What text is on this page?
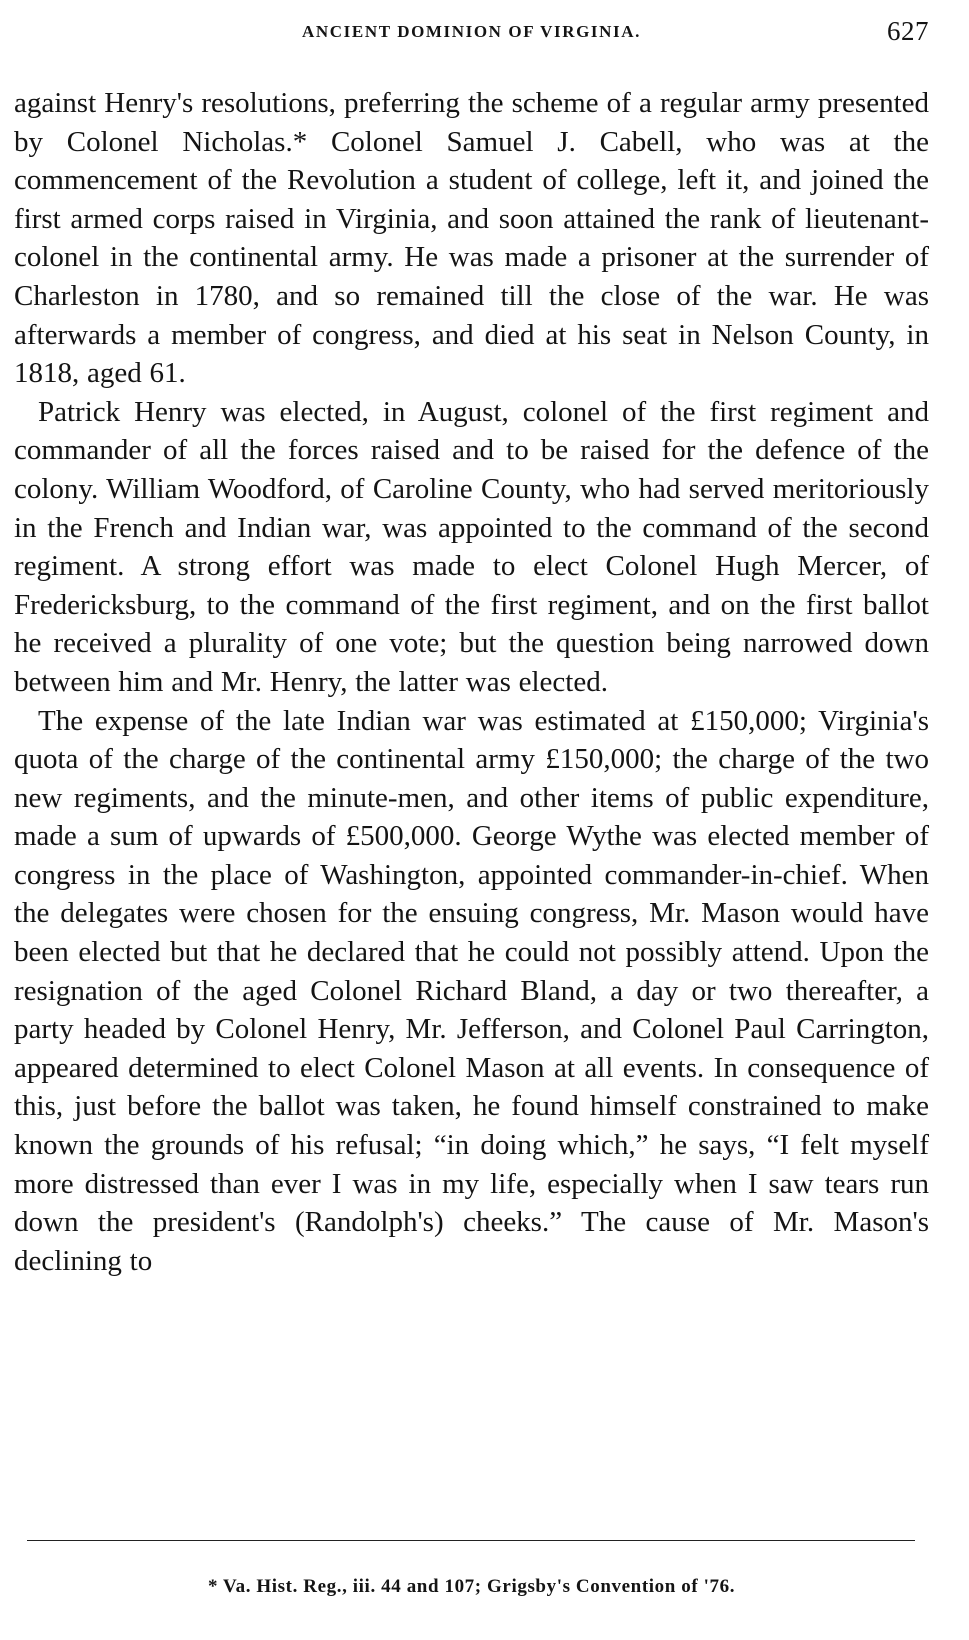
ANCIENT DOMINION OF VIRGINIA.	627

against Henry's resolutions, preferring the scheme of a regular army presented by Colonel Nicholas.* Colonel Samuel J. Cabell, who was at the commencement of the Revolution a student of college, left it, and joined the first armed corps raised in Virginia, and soon attained the rank of lieutenant-colonel in the continental army. He was made a prisoner at the surrender of Charleston in 1780, and so remained till the close of the war. He was afterwards a member of congress, and died at his seat in Nelson County, in 1818, aged 61.

Patrick Henry was elected, in August, colonel of the first regiment and commander of all the forces raised and to be raised for the defence of the colony. William Woodford, of Caroline County, who had served meritoriously in the French and Indian war, was appointed to the command of the second regiment. A strong effort was made to elect Colonel Hugh Mercer, of Fredericksburg, to the command of the first regiment, and on the first ballot he received a plurality of one vote; but the question being narrowed down between him and Mr. Henry, the latter was elected.

The expense of the late Indian war was estimated at £150,000; Virginia's quota of the charge of the continental army £150,000; the charge of the two new regiments, and the minute-men, and other items of public expenditure, made a sum of upwards of £500,000. George Wythe was elected member of congress in the place of Washington, appointed commander-in-chief. When the delegates were chosen for the ensuing congress, Mr. Mason would have been elected but that he declared that he could not possibly attend. Upon the resignation of the aged Colonel Richard Bland, a day or two thereafter, a party headed by Colonel Henry, Mr. Jefferson, and Colonel Paul Carrington, appeared determined to elect Colonel Mason at all events. In consequence of this, just before the ballot was taken, he found himself constrained to make known the grounds of his refusal; “in doing which,” he says, “I felt myself more distressed than ever I was in my life, especially when I saw tears run down the president's (Randolph's) cheeks.” The cause of Mr. Mason's declining to

* Va. Hist. Reg., iii. 44 and 107; Grigsby's Convention of '76.
